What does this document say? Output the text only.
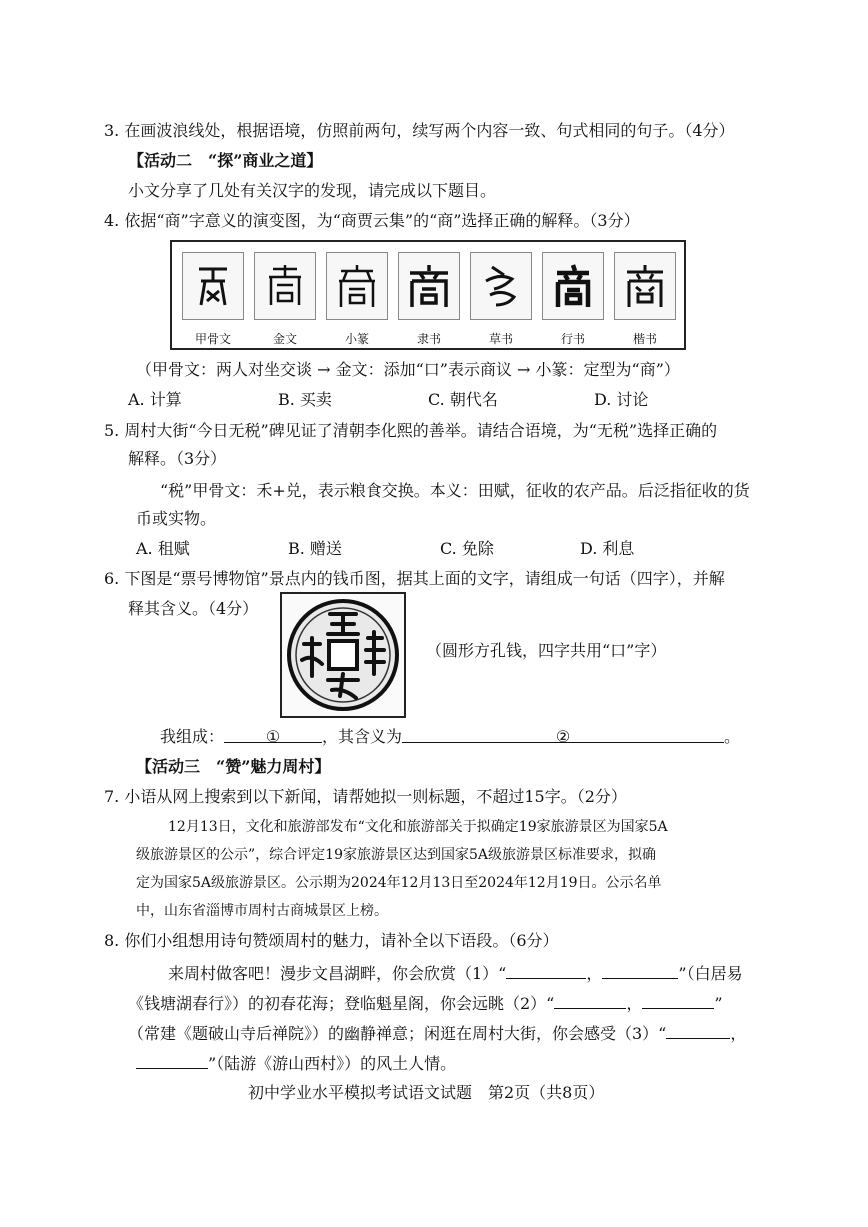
3. 在画波浪线处，根据语境，仿照前两句，续写两个内容一致、句式相同的句子。（4分）
【活动二　“探”商业之道】
小文分享了几处有关汉字的发现，请完成以下题目。
4. 依据“商”字意义的演变图，为“商贾云集”的“商”选择正确的解释。（3分）
甲骨文	金文	小篆	隶书	草书	行书	楷书
（甲骨文：两人对坐交谈 → 金文：添加“口”表示商议 → 小篆：定型为“商”）
A. 计算	B. 买卖	C. 朝代名	D. 讨论
5. 周村大街“今日无税”碑见证了清朝李化熙的善举。请结合语境，为“无税”选择正确的
解释。（3分）
“税”甲骨文：禾+兑，表示粮食交换。本义：田赋，征收的农产品。后泛指征收的货
币或实物。
A. 租赋	B. 赠送	C. 免除	D. 利息
6. 下图是“票号博物馆”景点内的钱币图，据其上面的文字，请组成一句话（四字），并解
释其含义。（4分）
（圆形方孔钱，四字共用“口”字）
我组成：	①	，其含义为	②	。
【活动三　“赞”魅力周村】
7. 小语从网上搜索到以下新闻，请帮她拟一则标题，不超过15字。（2分）
12月13日，文化和旅游部发布“文化和旅游部关于拟确定19家旅游景区为国家5A
级旅游景区的公示”，综合评定19家旅游景区达到国家5A级旅游景区标准要求，拟确
定为国家5A级旅游景区。公示期为2024年12月13日至2024年12月19日。公示名单
中，山东省淄博市周村古商城景区上榜。
8. 你们小组想用诗句赞颂周村的魅力，请补全以下语段。（6分）
来周村做客吧！漫步文昌湖畔，你会欣赏（1）“	，	”（白居易
《钱塘湖春行》）的初春花海；登临魁星阁，你会远眺（2）“	，	”
（常建《题破山寺后禅院》）的幽静禅意；闲逛在周村大街，你会感受（3）“	，
”（陆游《游山西村》）的风土人情。
初中学业水平模拟考试语文试题　第2页（共8页）
